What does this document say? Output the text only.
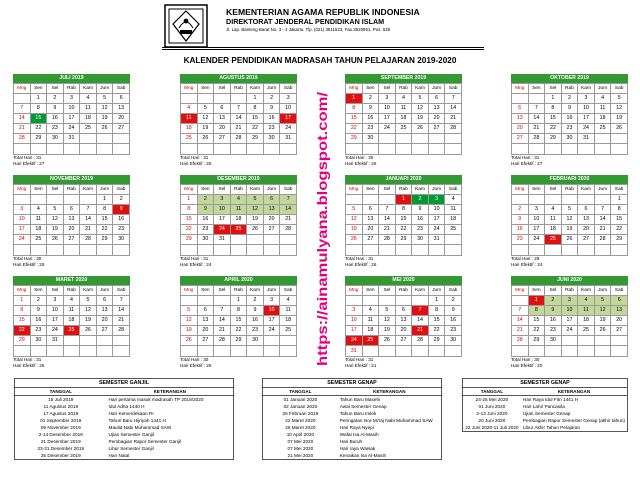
KEMENTERIAN AGAMA REPUBLIK INDONESIA
DIREKTORAT JENDERAL PENDIDIKAN ISLAM
Jl. Lap. Banteng Barat No. 3 - 4 Jakarta. Tlp. (021) 3811523, Fax.3520951, Pos. 528
KALENDER PENDIDIKAN MADRASAH TAHUN PELAJARAN 2019-2020
JULI 2019
Mng	Sen	Sel	Rab	Kam	Jum	Sab
	1	2	3	4	5	6
7	8	9	10	11	12	13
14	15	16	17	18	19	20
21	22	23	24	25	26	27
28	29	30	31			

Total Hari : 31
Hari Efektif : 27
AGUSTUS 2019
Mng	Sen	Sel	Rab	Kam	Jum	Sab
				1	2	3
4	5	6	7	8	9	10
11	12	13	14	15	16	17
18	19	20	21	22	23	24
25	26	27	28	29	30	31

Total Hari : 31
Hari Efektif : 25
SEPTEMBER 2019
Mng	Sen	Sel	Rab	Kam	Jum	Sab
1	2	3	4	5	6	7
8	9	10	11	12	13	14
15	16	17	18	19	20	21
22	23	24	25	26	27	28
29	30					

Total Hari : 30
Hari Efektif : 26
OKTOBER 2019
Mng	Sen	Sel	Rab	Kam	Jum	Sab
		1	2	3	4	5
6	7	8	9	10	11	12
13	14	15	16	17	18	19
20	21	22	23	24	25	26
27	28	29	30	31		

Total Hari : 31
Hari Efektif : 27
NOVEMBER 2019
Mng	Sen	Sel	Rab	Kam	Jum	Sab
					1	2
3	4	5	6	7	8	9
10	11	12	13	14	15	16
17	18	19	20	21	22	23
24	25	26	27	28	29	30

Total Hari : 30
Hari Efektif : 25
DESEMBER 2019
Mng	Sen	Sel	Rab	Kam	Jum	Sab
1	2	3	4	5	6	7
8	9	10	11	12	13	14
15	16	17	18	19	20	21
22	23	24	25	26	27	28
29	30	31				

Total Hari : 31
Hari Efektif : 24
JANUARI 2020
Mng	Sen	Sel	Rab	Kam	Jum	Sab
			1	2	3	4
5	6	7	8	9	10	11
12	13	14	15	16	17	18
19	20	21	22	23	24	25
26	27	28	29	30	31	

Total Hari : 31
Hari Efektif : 26
FEBRUARI 2020
Mng	Sen	Sel	Rab	Kam	Jum	Sab
						1
2	3	4	5	6	7	8
9	10	11	12	13	14	15
16	17	18	19	20	21	22
23	24	25	26	27	28	29

Total Hari : 29
Hari Efektif : 24
MARET 2020
Mng	Sen	Sel	Rab	Kam	Jum	Sab
1	2	3	4	5	6	7
8	9	10	11	12	13	14
15	16	17	18	19	20	21
22	23	24	25	26	27	28
29	30	31				

Total Hari : 31
Hari Efektif : 25
APRIL 2020
Mng	Sen	Sel	Rab	Kam	Jum	Sab
			1	2	3	4
5	6	7	8	9	10	11
12	13	14	15	16	17	18
19	20	21	22	23	24	25
26	27	28	29	30		

Total Hari : 30
Hari Efektif : 25
MEI 2020
Mng	Sen	Sel	Rab	Kam	Jum	Sab
					1	2
3	4	5	6	7	8	9
10	11	12	13	14	15	16
17	18	19	20	21	22	23
24	25	26	27	28	29	30
31						
Total Hari : 31
Hari Efektif : 21
JUNI 2020
Mng	Sen	Sel	Rab	Kam	Jum	Sab
	1	2	3	4	5	6
7	8	9	10	11	12	13
14	15	16	17	18	19	20
21	22	23	24	25	26	27
28	29	30				

Total Hari : 30
Hari Efektif : 20
https://ainamulyana.blogspot.com/
SEMESTER GANJIL
TANGGAL	KETERANGAN
15 Juli 2019	Hari pertama masuk madrasah TP 2019/2020
11 Agustus 2019	Idul Adha 1440 H
17 Agustus 2019	Hari Kemerdekaan RI
01 September 2019	Tahun Baru Hijriyah 1441 H
09 November 2019	Maulid Nabi Muhammad SAW
2-14 Desember 2019	Ujian Semester Ganjil
21 Desember 2019	Pembagian Rapor Semester Ganjil
23-31 Desember 2019	Libur Semester Ganjil
25 Desember 2019	Hari Natal
SEMESTER GENAP
TANGGAL	KETERANGAN
01 Januari 2020	Tahun Baru Masehi
02 Januari 2020	Awal Semester Genap
25 Februari 2019	Tahun Baru Imlek
22 Maret 2020	Peringatan Isra Mi'raj Nabi Muhammad SAW
25 Maret 2020	Hari Raya Nyepi
10 April 2020	Wafat Isa Al-Masih
07 Mei 2020	Hari Buruh
07 Mei 2020	Hari raya Waisak
21 Mei 2020	Kenaikan Isa Al-Masih
SEMESTER GENAP
TANGGAL	KETERANGAN
24-25 Mei 2020	Hari Raya Idul Fitri 1441 H
01 Juni 2020	Hari Lahir Pancasila
2-13 Juni 2020	Ujian Semester Genap
20 Juni 2020	Pembagian Rapor Semester Genap (akhir tahun)
22 Juni 2020-11 Juli 2020	Libur Akhir Tahun Pelajaran
